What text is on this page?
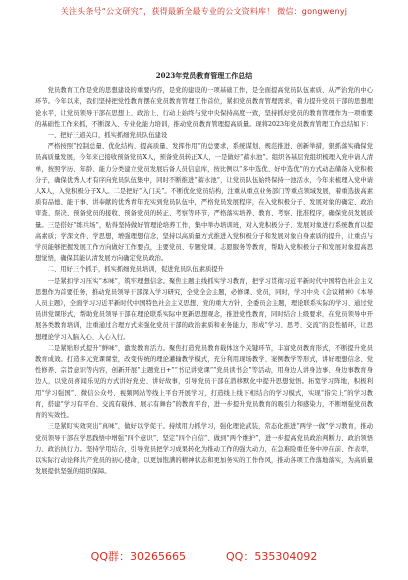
关注头条号“公文研究”，获得最新全最专业的公文资料库！ 微信：gongwenyj
2023年党员教育管理工作总结

党员教育工作是党的思想建设的重要内容，是党的建设的一项基础工作，是全面提高党员队伍素质、从严治党的中心环节。今年以来，我们坚持把党性教育摆在党员教育管理工作首位，紧扣党员教育管理需求，着力提升党员干部的思想理论水平，让党员领导干部在思想上、政治上、行动上始终与党中央保持高度一致，坚持抓好党员的教育管理作为一项重要的基础性工作来抓，不断深入、专业化能力培训，推动党员教育管理提高质量。现将2023年党员教育管理工作总结如下：

一、把好三道关口，抓实抓细党员队伍建设

严格按照“控制总量、优化结构、提高质量、发挥作用”的总要求，系统谋划、规范推进、创新举措，狠抓落实确保党员高质量发展，今年来已接收预备党员X人，预备党员转正X人，一是做好“蓄水池”。组织各基层党组织梳理入党申请人清单，按照学历、年龄、能力分类建立党员发展后备人员信息库，按比例以“多中选优、好中选优”的方式动态储备入党积极分子，确保优秀人才有序向党员队伍集中，同时不断推进“蓄水池”，让党员队伍始终保持一池活水，今年来梳理入党申请人X人，入党积极分子X人。二是把好“入门关”。不断优化党员结构，注重从重点业务部门等重点领域发展，着重选拔高素质有品德、能干事、讲奉献的优秀青年充实到党员队伍中，严格党员发展程序，在入党积极分子、发展对象的确定、政治审查、票决、预备党员的接收、预备党员的转正、考察等环节，严格落实培养、教育、考察、批准程序，确保党员发展质量。三是搭好“练兵场”，贴得坚持做好管理论培养工作，集中举办培训班，对入党积极分子、发展对象进行系统教育以提高素质；学深文件、学思想，增强理想信念，坚持以高质量方式推进入党积极分子和发展对象自身素质的提升，让重点与学员能够把握发展工作方向做好工作要点，主要党员、专题党课、志愿服务等教育，帮助入党积极分子和发展对象提高思想觉悟，确保其能认清发展方向确定党员政治。

二、用好三个抓手，抓实抓细党员培训，促进党员队伍素质提升

一是紧扣学习压实“本味”，筑牢理想信念。聚焦主题主线抓实学习教育，把学习贯彻习近平新时代中国特色社会主义思想作为首要任务，推动党员领导干部深入学习研究，全党全会主题，必修课、党员，同时，学习中央《会议精神》《本导人员主题》，全面学习习近平新时代中国特色社会主义思想、党的重大方针、全委员会主题，理论联系实际的学习、通过党员讲党课形式，帮助党员领导干部在理论联系实际中更新思想观念，推进党性教育，同时结合上级要求，在党员领导中开展各类教育培训，注重通过合理方式来强化党员干部的政治素质和业务能力，形成“学习、思考、交流”的良性循环，让思想理论学习入脑入心、入心入行。

二是紧贴形式提升“鲜味”，激发教育活力。聚焦打造党员教育载体这个关键环节，丰富党员教育形式，不断提升党员教育成效。打造多元党课课堂，改变传统的理论灌输教学模式，充分利用现场教学、案例教学等形式，讲好理想信念、党性修养、宗旨意识等内容，创新开展“主题党日+”“书记讲党课”“党员读书会”等活动，用身边人讲身边事、身边事教育身边人，以党员喜闻乐见的方式讲好党史、讲好故事，引导党员干部在潜移默化中提升思想觉悟。拓宽学习阵地，积极利用“学习强国”、微信公众号、视频网站等线上平台开展学习，打造线上线下相结合的学习模式，实现“指尖上”的学习教育，搭建“学习有平台、交流有载体、展示有舞台”的教育平台，进一步提升党员教育的吸引力和感染力，不断增强党员教育的实效性。

三是紧盯实效突出“真味”，做好以学促干。持续用力抓学习，强化理论武装，常态化推进“两学一做”学习教育，推动党员领导干部在学思践悟中增强“四个意识”、坚定“四个自信”、做到“两个维护”，进一步提高党员政治判断力、政治领悟力、政治执行力。坚持学用结合，引导党员把学习成果转化为推动工作的强大动力，在急难险重任务中冲在前、作表率，以实际行动诠释共产党员的初心使命，以更加饱满的精神状态和更加务实的工作作风，推动各项工作落地落实，为高质量发展提供坚强的组织保障。

QQ群：30265665	QQ：535304092
